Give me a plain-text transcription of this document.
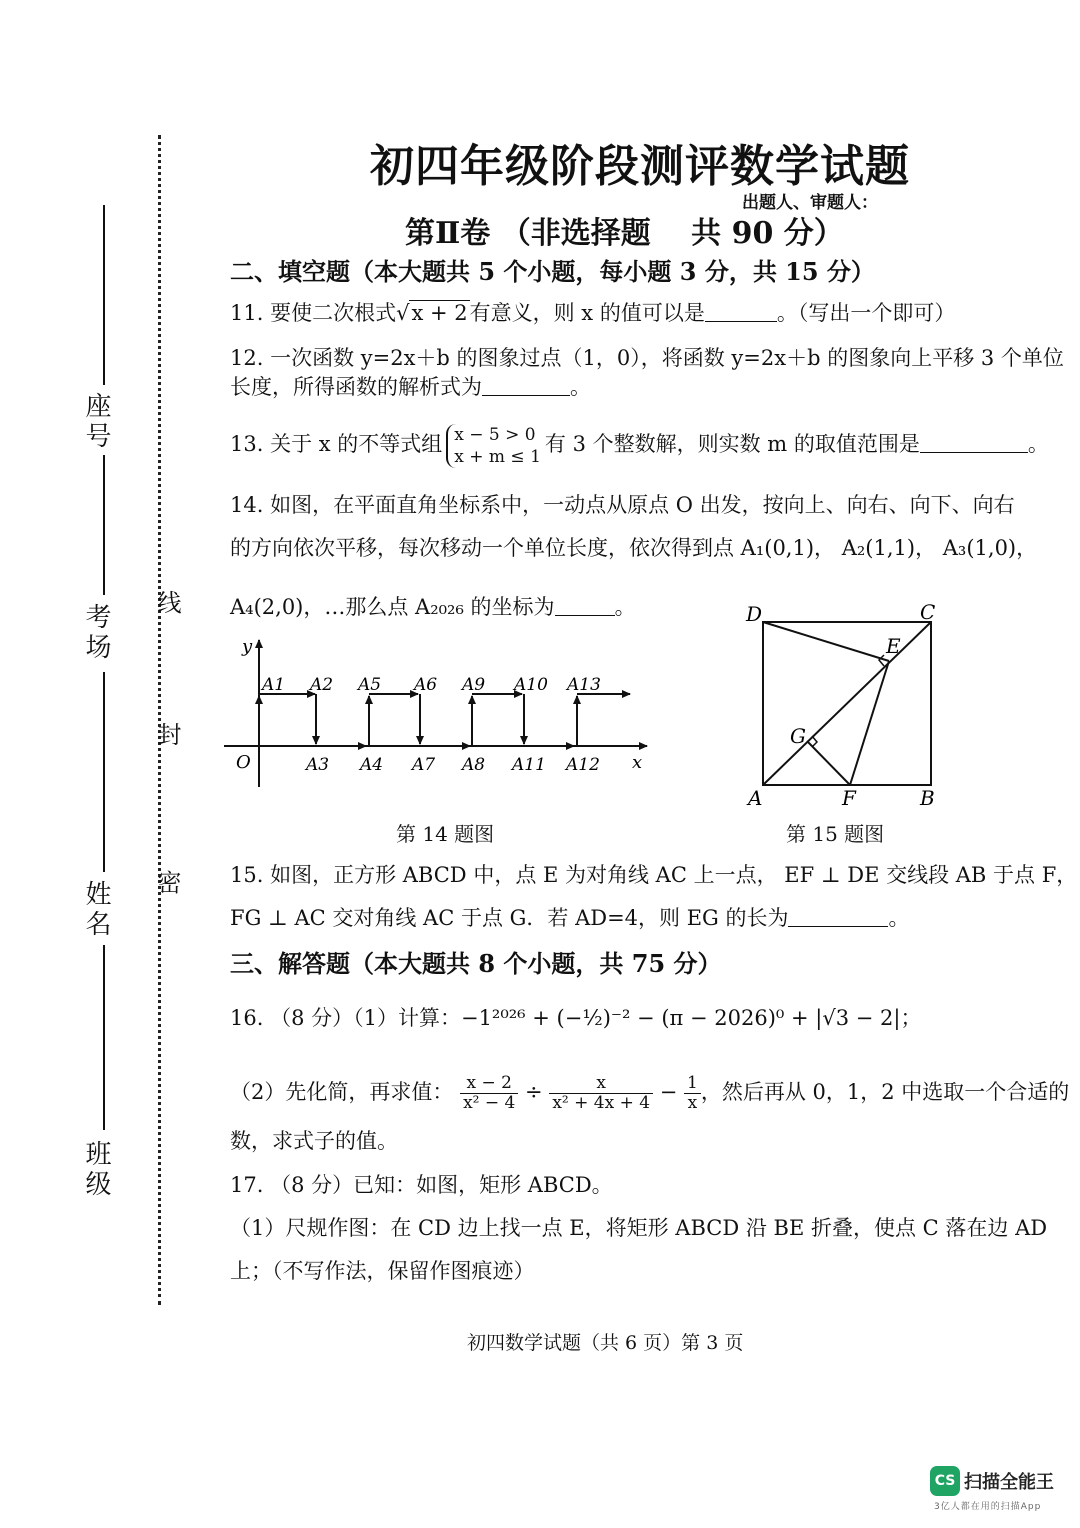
座号
考场
姓名
班级
线
封
密
初四年级阶段测评数学试题
出题人、审题人：
第Ⅱ卷 （非选择题　 共 90 分）
二、填空题（本大题共 5 个小题，每小题 3 分，共 15 分）
11. 要使二次根式√x + 2有意义，则 x 的值可以是	。（写出一个即可）
12. 一次函数 y=2x＋b 的图象过点（1，0），将函数 y=2x＋b 的图象向上平移 3 个单位
长度，所得函数的解析式为	。
13. 关于 x 的不等式组 x − 5 > 0
x + m ≤ 1
有 3 个整数解，则实数 m 的取值范围是	。
14. 如图，在平面直角坐标系中，一动点从原点 O 出发，按向上、向右、向下、向右
的方向依次平移，每次移动一个单位长度，依次得到点 A₁(0,1)， A₂(1,1)， A₃(1,0)，
A₄(2,0)，…那么点 A₂₀₂₆ 的坐标为	。
y
x
O
A1 A2 A5 A6 A9 A10 A13
A3 A4 A7 A8 A11 A12
D	C
E
G
A	F	B
第 14 题图	第 15 题图
15. 如图，正方形 ABCD 中，点 E 为对角线 AC 上一点， EF ⊥ DE 交线段 AB 于点 F，
FG ⊥ AC 交对角线 AC 于点 G．若 AD=4，则 EG 的长为	。
三、解答题（本大题共 8 个小题，共 75 分）
16. （8 分）（1）计算：−1²⁰²⁶ + (−½)⁻² − (π − 2026)⁰ + |√3 − 2|；
（2）先化简，再求值： $\frac{x - 2}{\text{x² − 4}} \div \frac{x}{\text{x² + 4x + 4}} - \frac{1}{x}$ ，然后再从 0，1，2 中选取一个合适的
数，求式子的值。
17. （8 分）已知：如图，矩形 ABCD。
（1）尺规作图：在 CD 边上找一点 E，将矩形 ABCD 沿 BE 折叠，使点 C 落在边 AD
上；（不写作法，保留作图痕迹）
初四数学试题（共 6 页）第 3 页
CS 扫描全能王
3亿人都在用的扫描App
